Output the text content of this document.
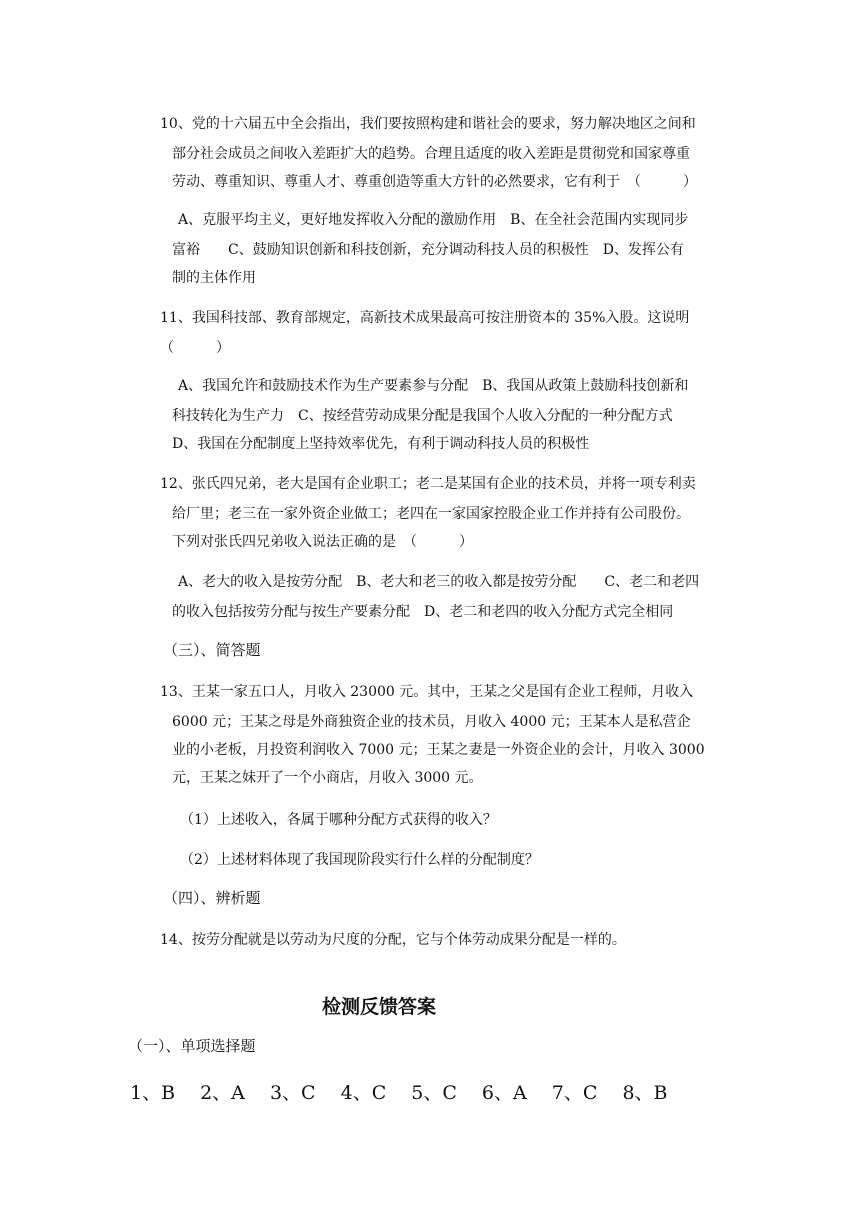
10、党的十六届五中全会指出，我们要按照构建和谐社会的要求，努力解决地区之间和
部分社会成员之间收入差距扩大的趋势。合理且适度的收入差距是贯彻党和国家尊重
劳动、尊重知识、尊重人才、尊重创造等重大方针的必然要求，它有利于　（　　　）
A、克服平均主义，更好地发挥收入分配的激励作用　B、在全社会范围内实现同步
富裕　　C、鼓励知识创新和科技创新，充分调动科技人员的积极性　D、发挥公有
制的主体作用
11、我国科技部、教育部规定，高新技术成果最高可按注册资本的 35%入股。这说明
（　　　）
A、我国允许和鼓励技术作为生产要素参与分配　B、我国从政策上鼓励科技创新和
科技转化为生产力　C、按经营劳动成果分配是我国个人收入分配的一种分配方式
D、我国在分配制度上坚持效率优先，有利于调动科技人员的积极性
12、张氏四兄弟，老大是国有企业职工；老二是某国有企业的技术员，并将一项专利卖
给厂里；老三在一家外资企业做工；老四在一家国家控股企业工作并持有公司股份。
下列对张氏四兄弟收入说法正确的是　（　　　）
A、老大的收入是按劳分配　B、老大和老三的收入都是按劳分配　　C、老二和老四
的收入包括按劳分配与按生产要素分配　D、老二和老四的收入分配方式完全相同
（三）、简答题
13、王某一家五口人，月收入 23000 元。其中，王某之父是国有企业工程师，月收入
6000 元；王某之母是外商独资企业的技术员，月收入 4000 元；王某本人是私营企
业的小老板，月投资利润收入 7000 元；王某之妻是一外资企业的会计，月收入 3000
元，王某之妹开了一个小商店，月收入 3000 元。
（1）上述收入，各属于哪种分配方式获得的收入？
（2）上述材料体现了我国现阶段实行什么样的分配制度？
（四）、辨析题
14、按劳分配就是以劳动为尺度的分配，它与个体劳动成果分配是一样的。
检测反馈答案
（一）、单项选择题
1、B　 2、A　 3、C　 4、C　 5、C　 6、A　 7、C　 8、B
